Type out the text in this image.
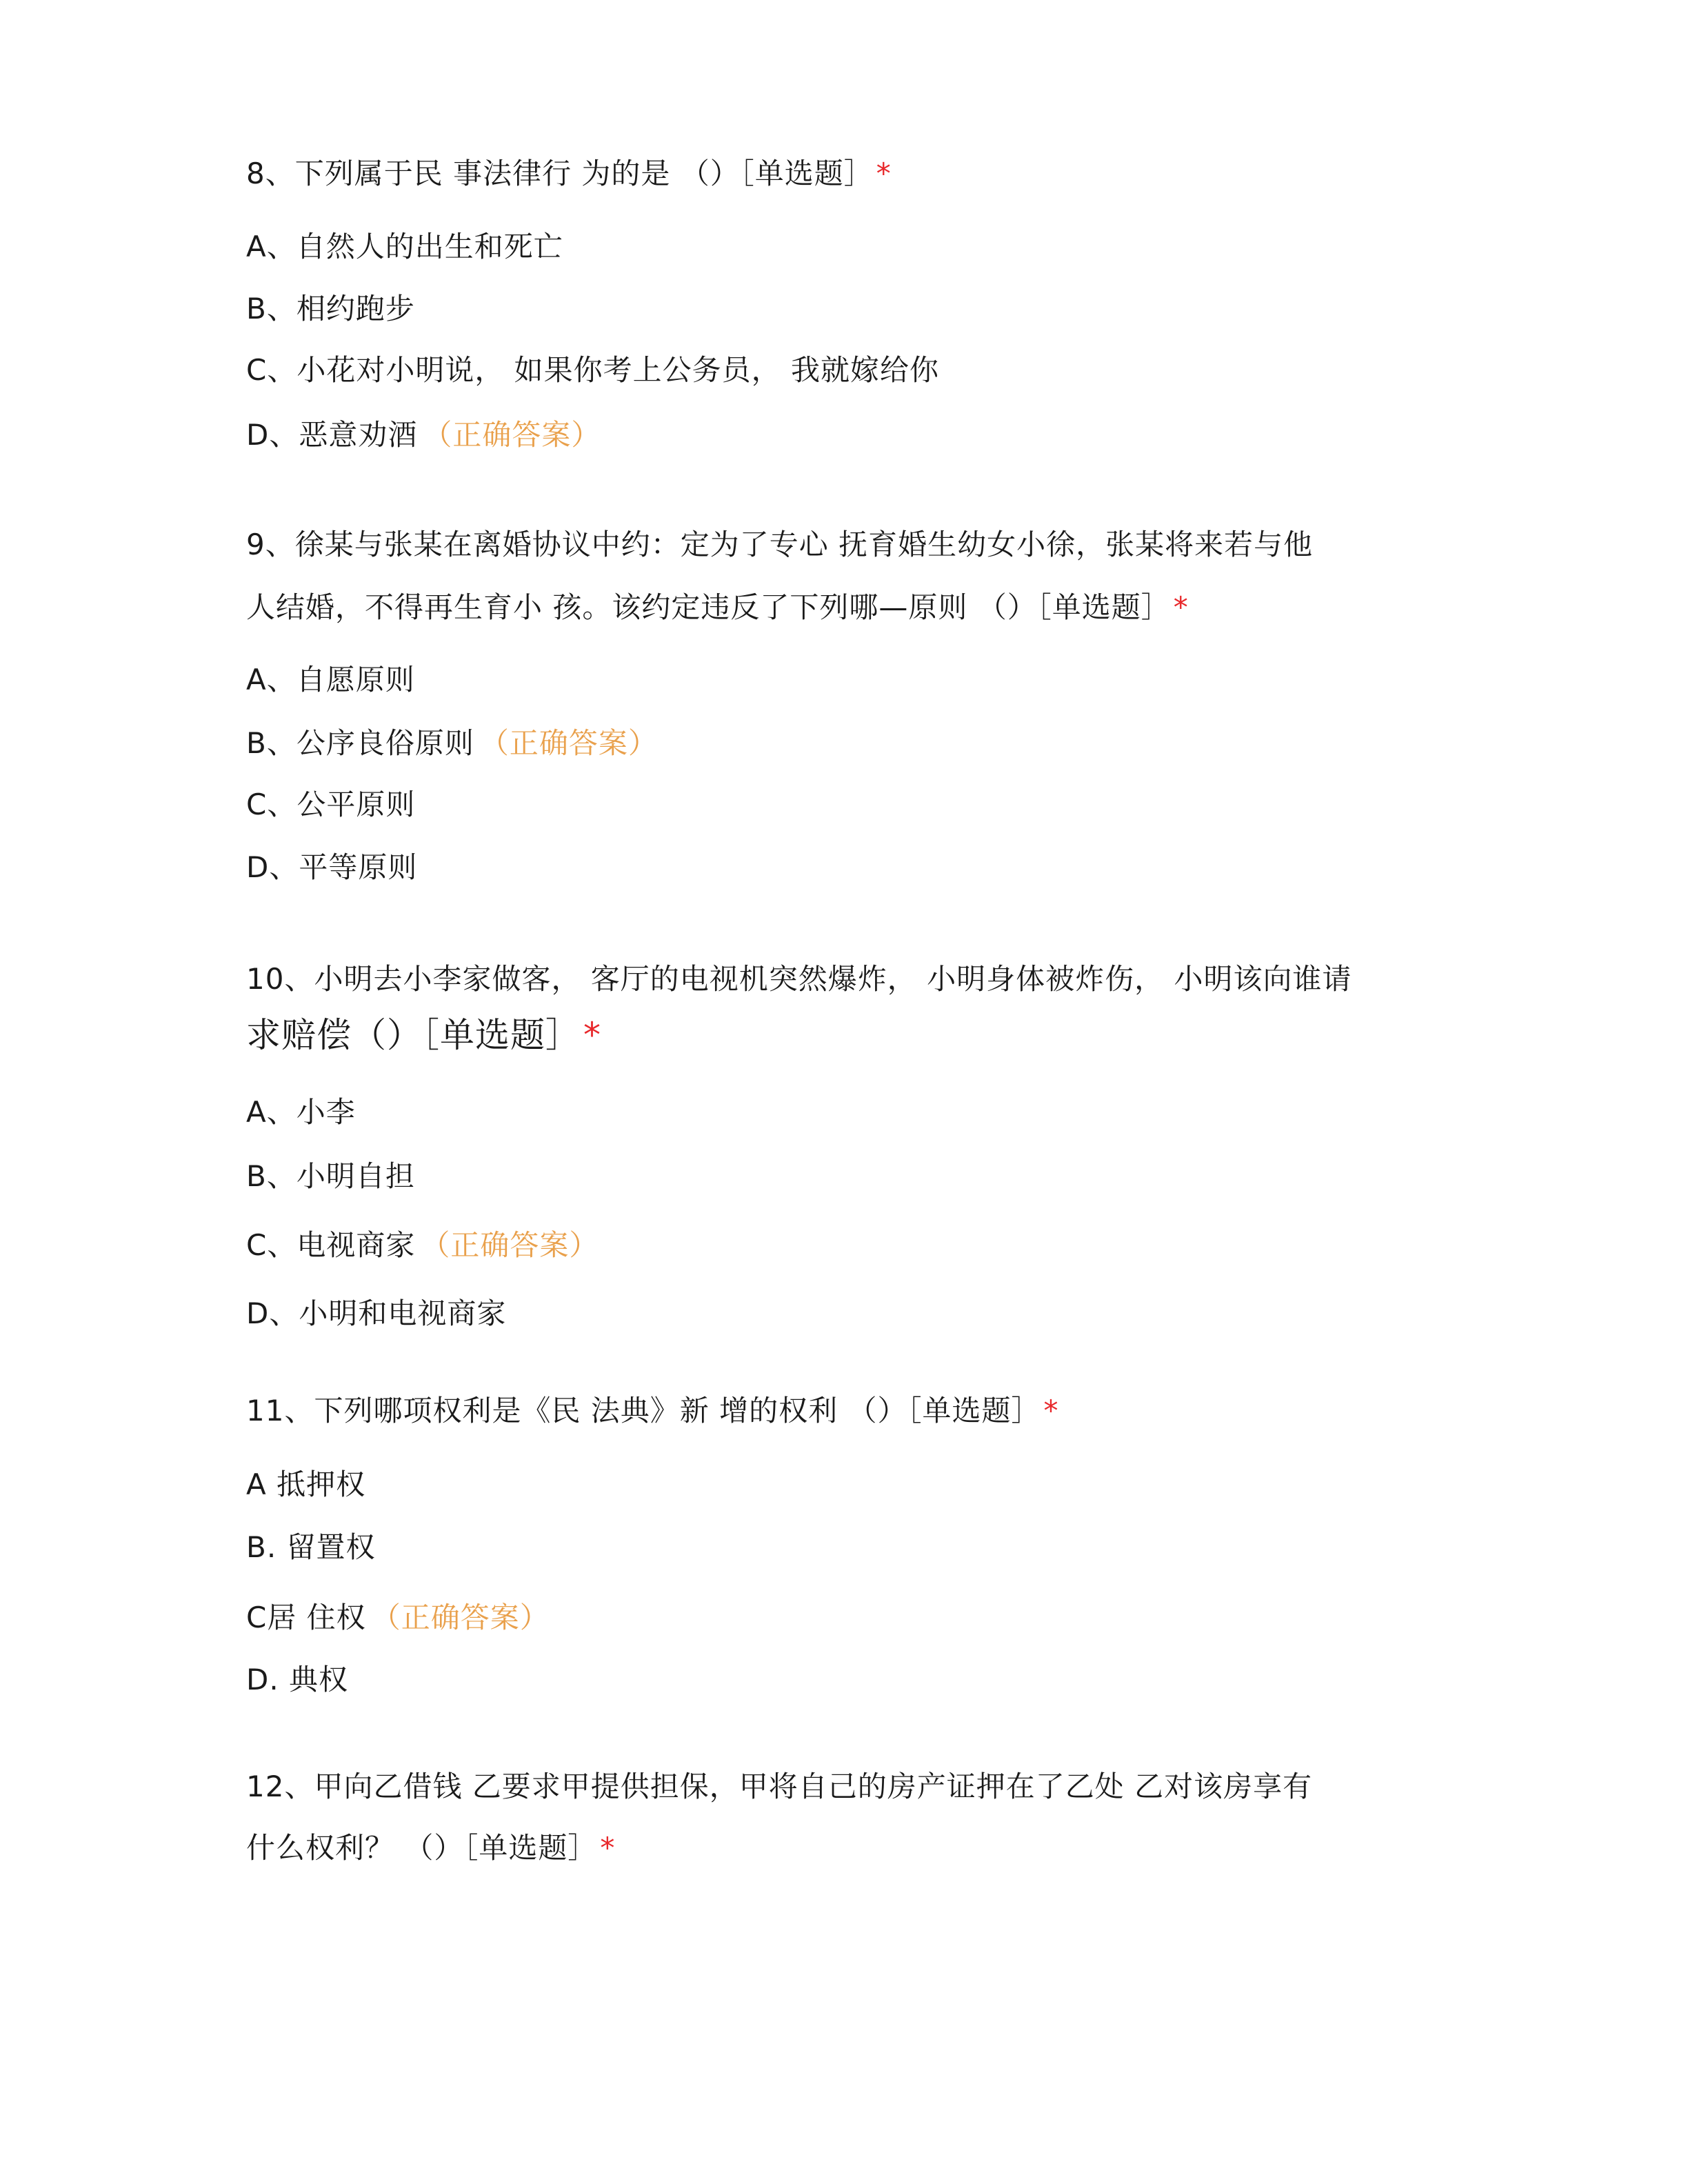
8、下列属于民 事法律行 为的是 （）［单选题］*
A、自然人的出生和死亡
B、相约跑步
C、小花对小明说， 如果你考上公务员， 我就嫁给你
D、恶意劝酒 （正确答案）
9、徐某与张某在离婚协议中约：定为了专心 抚育婚生幼女小徐，张某将来若与他
人结婚，不得再生育小 孩。该约定违反了下列哪—原则 （）［单选题］*
A、自愿原则
B、公序良俗原则 （正确答案）
C、公平原则
D、平等原则
10、小明去小李家做客， 客厅的电视机突然爆炸， 小明身体被炸伤， 小明该向谁请
求赔偿（）［单选题］*
A、小李
B、小明自担
C、电视商家 （正确答案）
D、小明和电视商家
11、下列哪项权利是《民 法典》新 增的权利 （）［单选题］*
A 抵押权
B. 留置权
C居 住权 （正确答案）
D. 典权
12、甲向乙借钱 乙要求甲提供担保，甲将自己的房产证押在了乙处 乙对该房享有
什么权利？ （）［单选题］*
